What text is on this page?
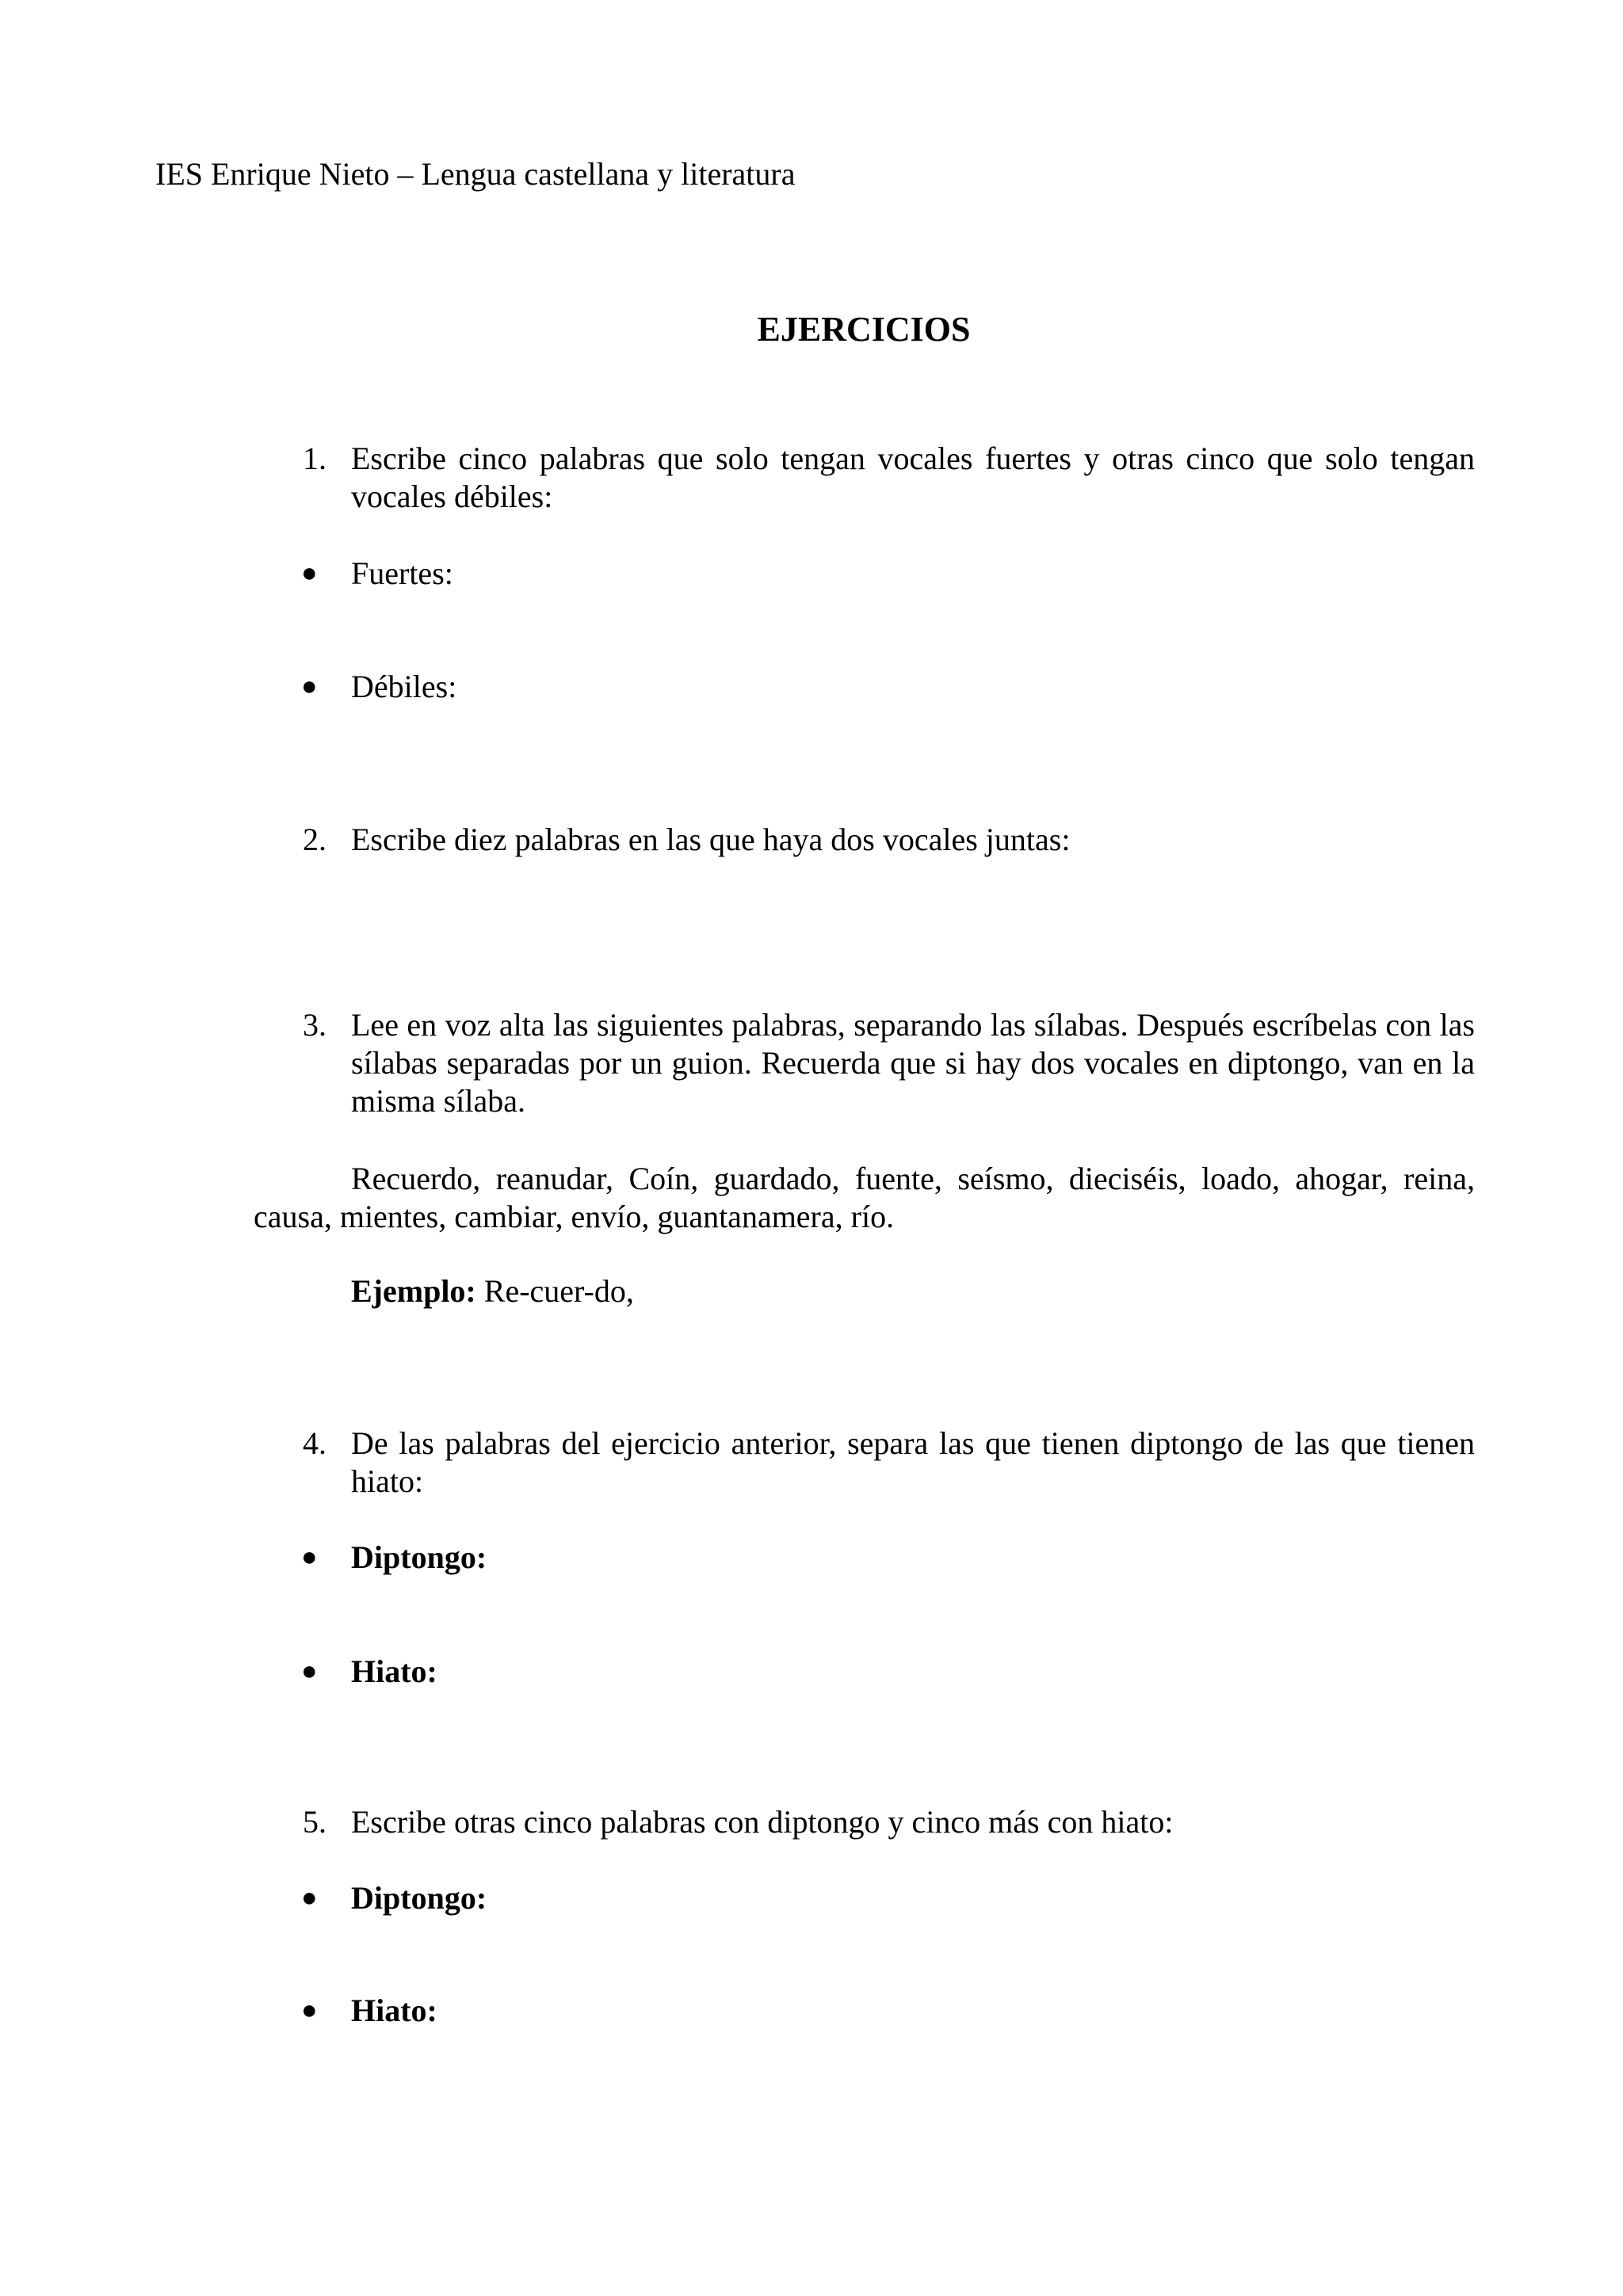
IES Enrique Nieto – Lengua castellana y literatura
EJERCICIOS
1. Escribe cinco palabras que solo tengan vocales fuertes y otras cinco que solo tengan vocales débiles:
● Fuertes:
● Débiles:
2. Escribe diez palabras en las que haya dos vocales juntas:
3. Lee en voz alta las siguientes palabras, separando las sílabas. Después escríbelas con las sílabas separadas por un guion. Recuerda que si hay dos vocales en diptongo, van en la misma sílaba.
Recuerdo, reanudar, Coín, guardado, fuente, seísmo, dieciséis, loado, ahogar, reina, causa, mientes, cambiar, envío, guantanamera, río.
Ejemplo: Re-cuer-do,
4. De las palabras del ejercicio anterior, separa las que tienen diptongo de las que tienen hiato:
● Diptongo:
● Hiato:
5. Escribe otras cinco palabras con diptongo y cinco más con hiato:
● Diptongo:
● Hiato:
